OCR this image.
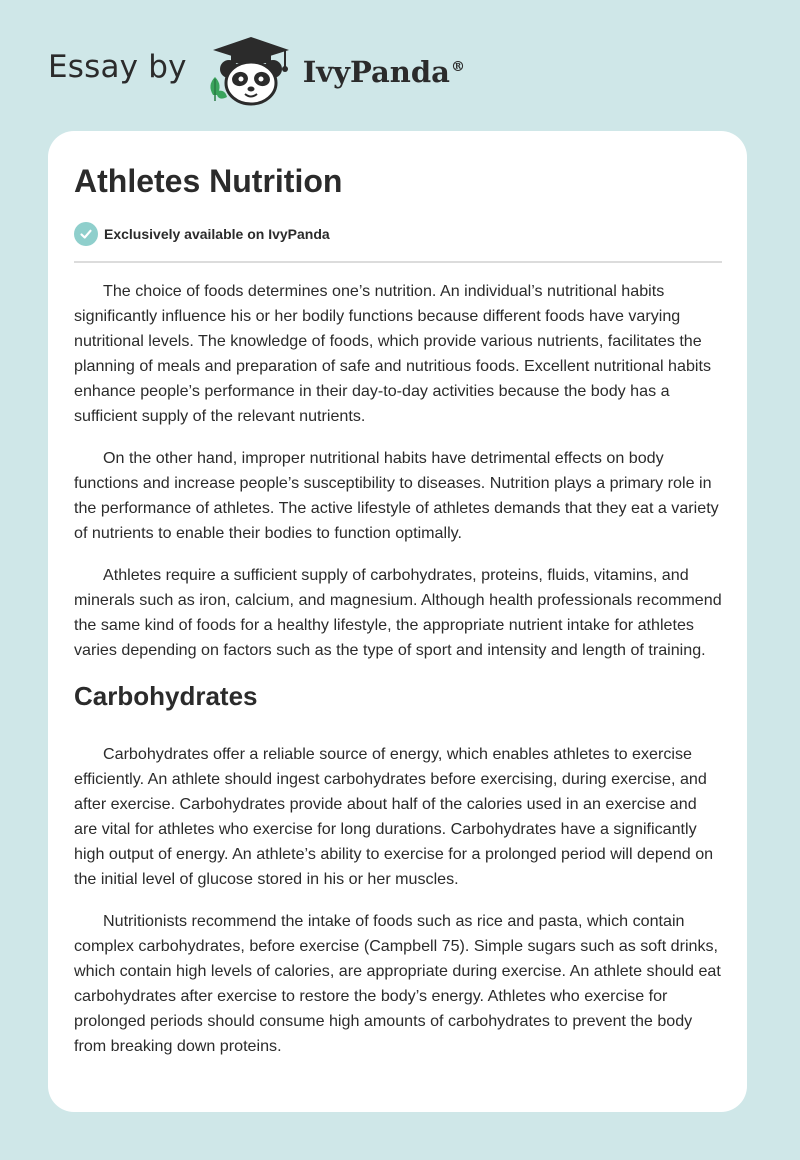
Essay by	IvyPanda®
Athletes Nutrition
Exclusively available on IvyPanda

The choice of foods determines one’s nutrition. An individual’s nutritional habits significantly influence his or her bodily functions because different foods have varying nutritional levels. The knowledge of foods, which provide various nutrients, facilitates the planning of meals and preparation of safe and nutritious foods. Excellent nutritional habits enhance people’s performance in their day-to-day activities because the body has a sufficient supply of the relevant nutrients.

On the other hand, improper nutritional habits have detrimental effects on body functions and increase people’s susceptibility to diseases. Nutrition plays a primary role in the performance of athletes. The active lifestyle of athletes demands that they eat a variety of nutrients to enable their bodies to function optimally.

Athletes require a sufficient supply of carbohydrates, proteins, fluids, vitamins, and minerals such as iron, calcium, and magnesium. Although health professionals recommend the same kind of foods for a healthy lifestyle, the appropriate nutrient intake for athletes varies depending on factors such as the type of sport and intensity and length of training.

Carbohydrates

Carbohydrates offer a reliable source of energy, which enables athletes to exercise efficiently. An athlete should ingest carbohydrates before exercising, during exercise, and after exercise. Carbohydrates provide about half of the calories used in an exercise and are vital for athletes who exercise for long durations. Carbohydrates have a significantly high output of energy. An athlete’s ability to exercise for a prolonged period will depend on the initial level of glucose stored in his or her muscles.

Nutritionists recommend the intake of foods such as rice and pasta, which contain complex carbohydrates, before exercise (Campbell 75). Simple sugars such as soft drinks, which contain high levels of calories, are appropriate during exercise. An athlete should eat carbohydrates after exercise to restore the body’s energy. Athletes who exercise for prolonged periods should consume high amounts of carbohydrates to prevent the body from breaking down proteins.
